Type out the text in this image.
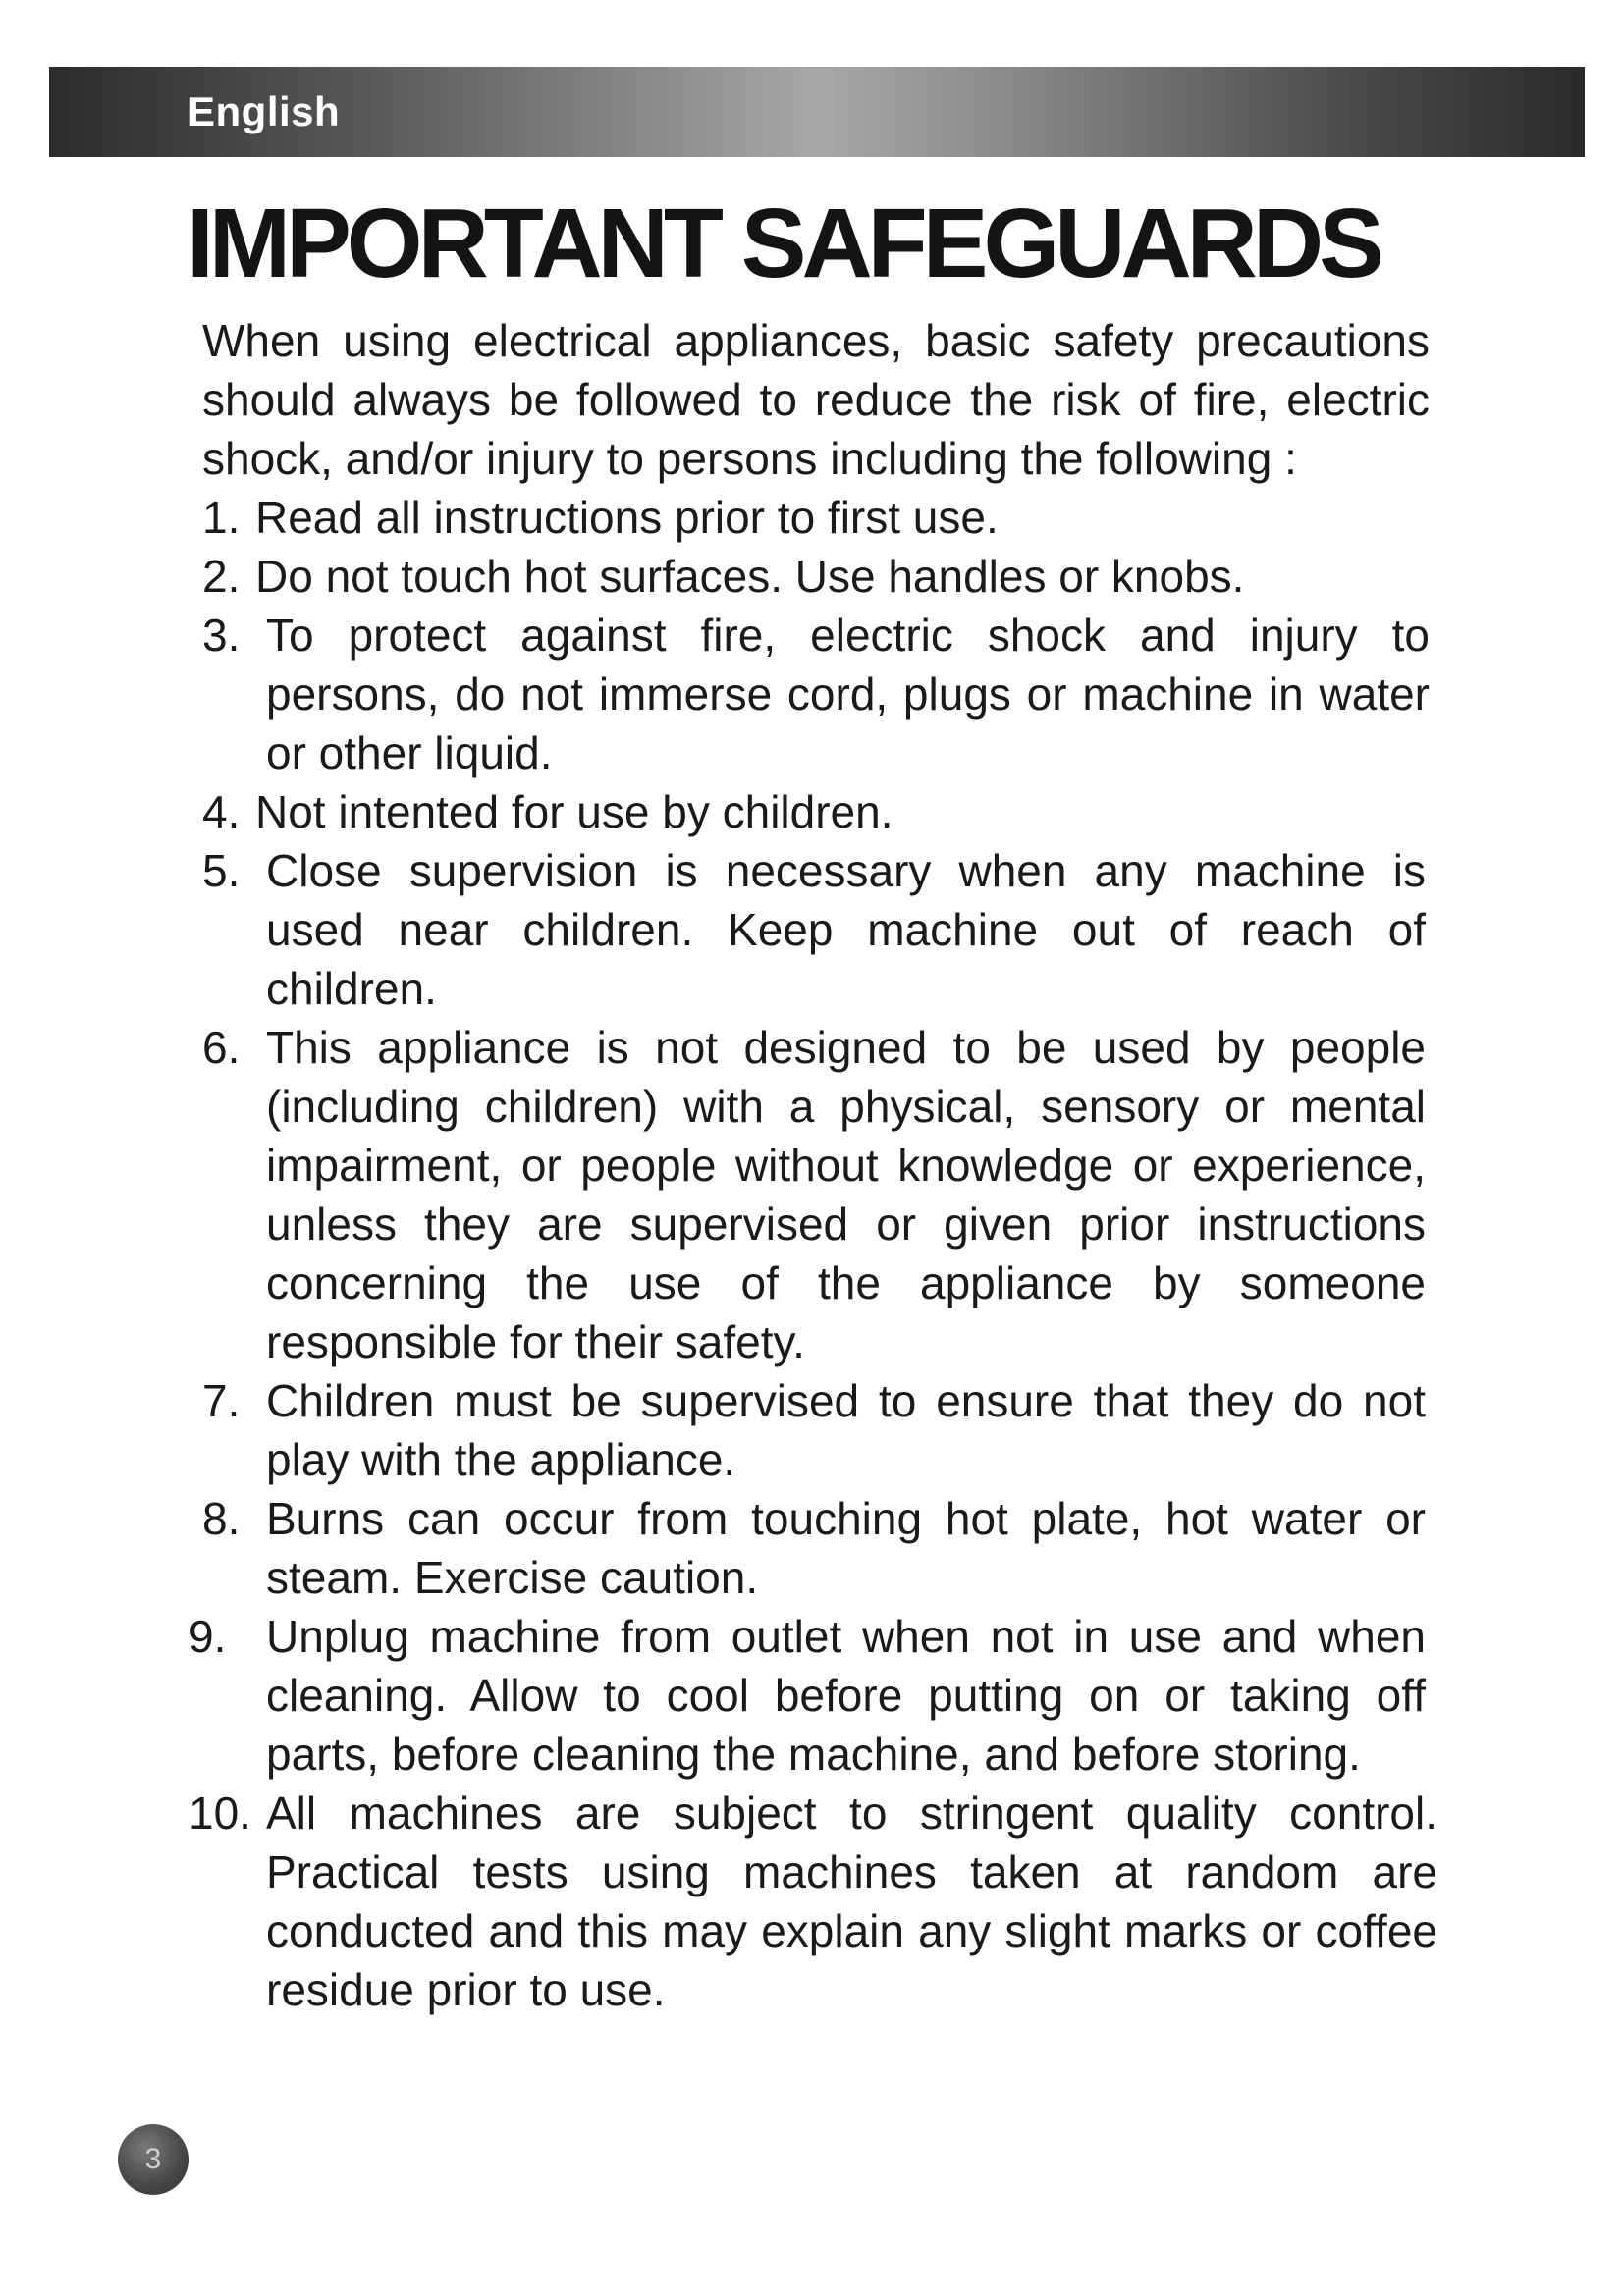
English
IMPORTANT SAFEGUARDS

When using electrical appliances, basic safety precautions should always be followed to reduce the risk of fire, electric shock, and/or injury to persons including the following :

1. Read all instructions prior to first use.

2. Do not touch hot surfaces. Use handles or knobs.

3. To protect against fire, electric shock and injury to persons, do not immerse cord, plugs or machine in water or other liquid.

4. Not intented for use by children.

5. Close supervision is necessary when any machine is used near children. Keep machine out of reach of children.

6. This appliance is not designed to be used by people (including children) with a physical, sensory or mental impairment, or people without knowledge or experience, unless they are supervised or given prior instructions concerning the use of the appliance by someone responsible for their safety.

7. Children must be supervised to ensure that they do not play with the appliance.

8. Burns can occur from touching hot plate, hot water or steam. Exercise caution.

9. Unplug machine from outlet when not in use and when cleaning. Allow to cool before putting on or taking off parts, before cleaning the machine, and before storing.

10. All machines are subject to stringent quality control. Practical tests using machines taken at random are conducted and this may explain any slight marks or coffee residue prior to use.

3
